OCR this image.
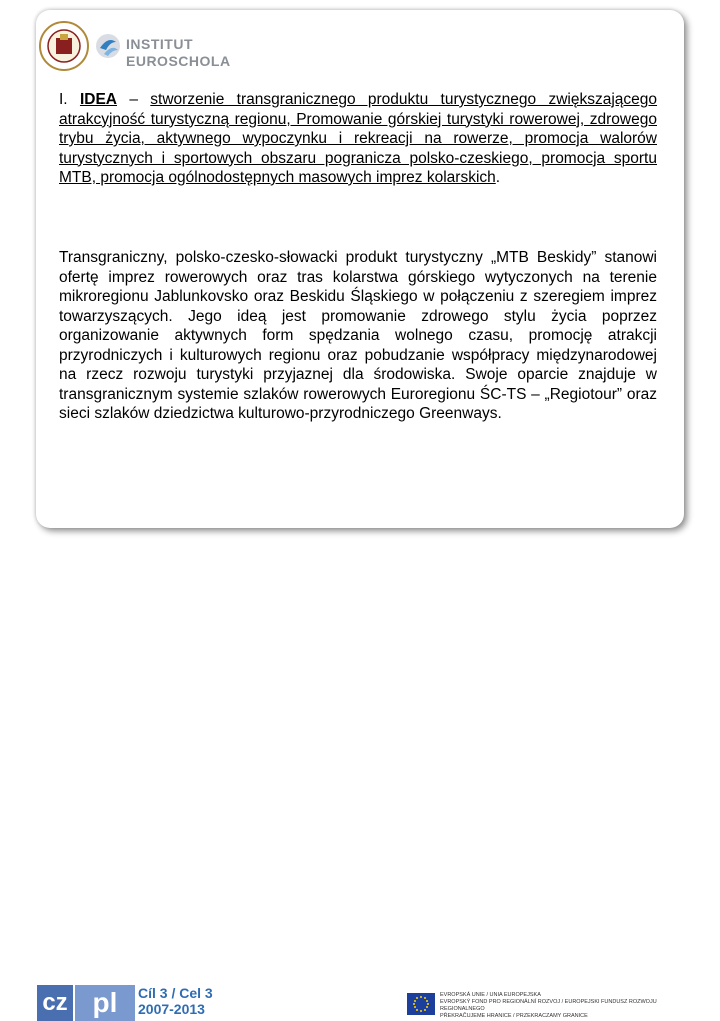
INSTITUT
EUROSCHOLA
I. IDEA – stworzenie transgranicznego produktu turystycznego zwiększającego atrakcyjność turystyczną regionu, Promowanie górskiej turystyki rowerowej, zdrowego trybu życia, aktywnego wypoczynku i rekreacji na rowerze, promocja walorów turystycznych i sportowych obszaru pogranicza polsko-czeskiego, promocja sportu MTB, promocja ogólnodostępnych masowych imprez kolarskich.
Transgraniczny, polsko-czesko-słowacki produkt turystyczny „MTB Beskidy” stanowi ofertę imprez rowerowych oraz tras kolarstwa górskiego wytyczonych na terenie mikroregionu Jablunkovsko oraz Beskidu Śląskiego w połączeniu z szeregiem imprez towarzyszących. Jego ideą jest promowanie zdrowego stylu życia poprzez organizowanie aktywnych form spędzania wolnego czasu, promocję atrakcji przyrodniczych i kulturowych regionu oraz pobudzanie współpracy międzynarodowej na rzecz rozwoju turystyki przyjaznej dla środowiska. Swoje oparcie znajduje w transgranicznym systemie szlaków rowerowych Euroregionu ŚC-TS – „Regiotour” oraz sieci szlaków dziedzictwa kulturowo-przyrodniczego Greenways.
cz pl	Cíl 3 / Cel 3
2007-2013
EVROPSKÁ UNIE / UNIA EUROPEJSKA
EVROPSKÝ FOND PRO REGIONÁLNÍ ROZVOJ / EUROPEJSKI FUNDUSZ ROZWOJU REGIONALNEGO
PŘEKRAČUJEME HRANICE / PRZEKRACZAMY GRANICE
